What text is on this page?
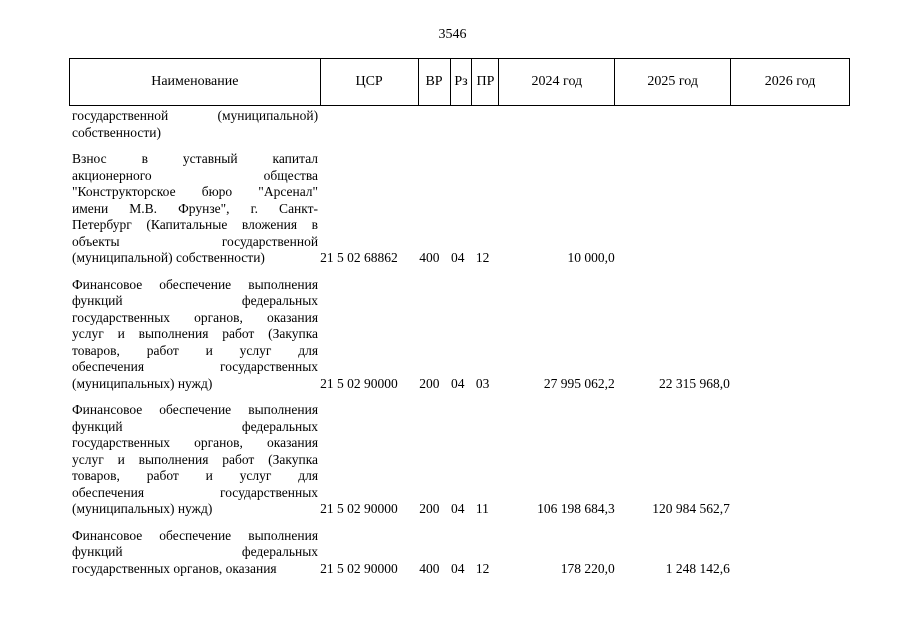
3546
Наименование	ЦСР	ВР Рз ПР	2024 год	2025 год	2026 год
государственной (муниципальной)
собственности)
Взнос в уставный капитал
акционерного общества
"Конструкторское бюро "Арсенал"
имени М.В. Фрунзе", г. Санкт-
Петербург (Капитальные вложения в
объекты государственной
(муниципальной) собственности)	21 5 02 68862	400 04 12	10 000,0
Финансовое обеспечение выполнения
функций федеральных
государственных органов, оказания
услуг и выполнения работ (Закупка
товаров, работ и услуг для
обеспечения государственных
(муниципальных) нужд)	21 5 02 90000	200 04 03	27 995 062,2	22 315 968,0
Финансовое обеспечение выполнения
функций федеральных
государственных органов, оказания
услуг и выполнения работ (Закупка
товаров, работ и услуг для
обеспечения государственных
(муниципальных) нужд)	21 5 02 90000	200 04 11	106 198 684,3	120 984 562,7
Финансовое обеспечение выполнения
функций федеральных
государственных органов, оказания	21 5 02 90000	400 04 12	178 220,0	1 248 142,6
